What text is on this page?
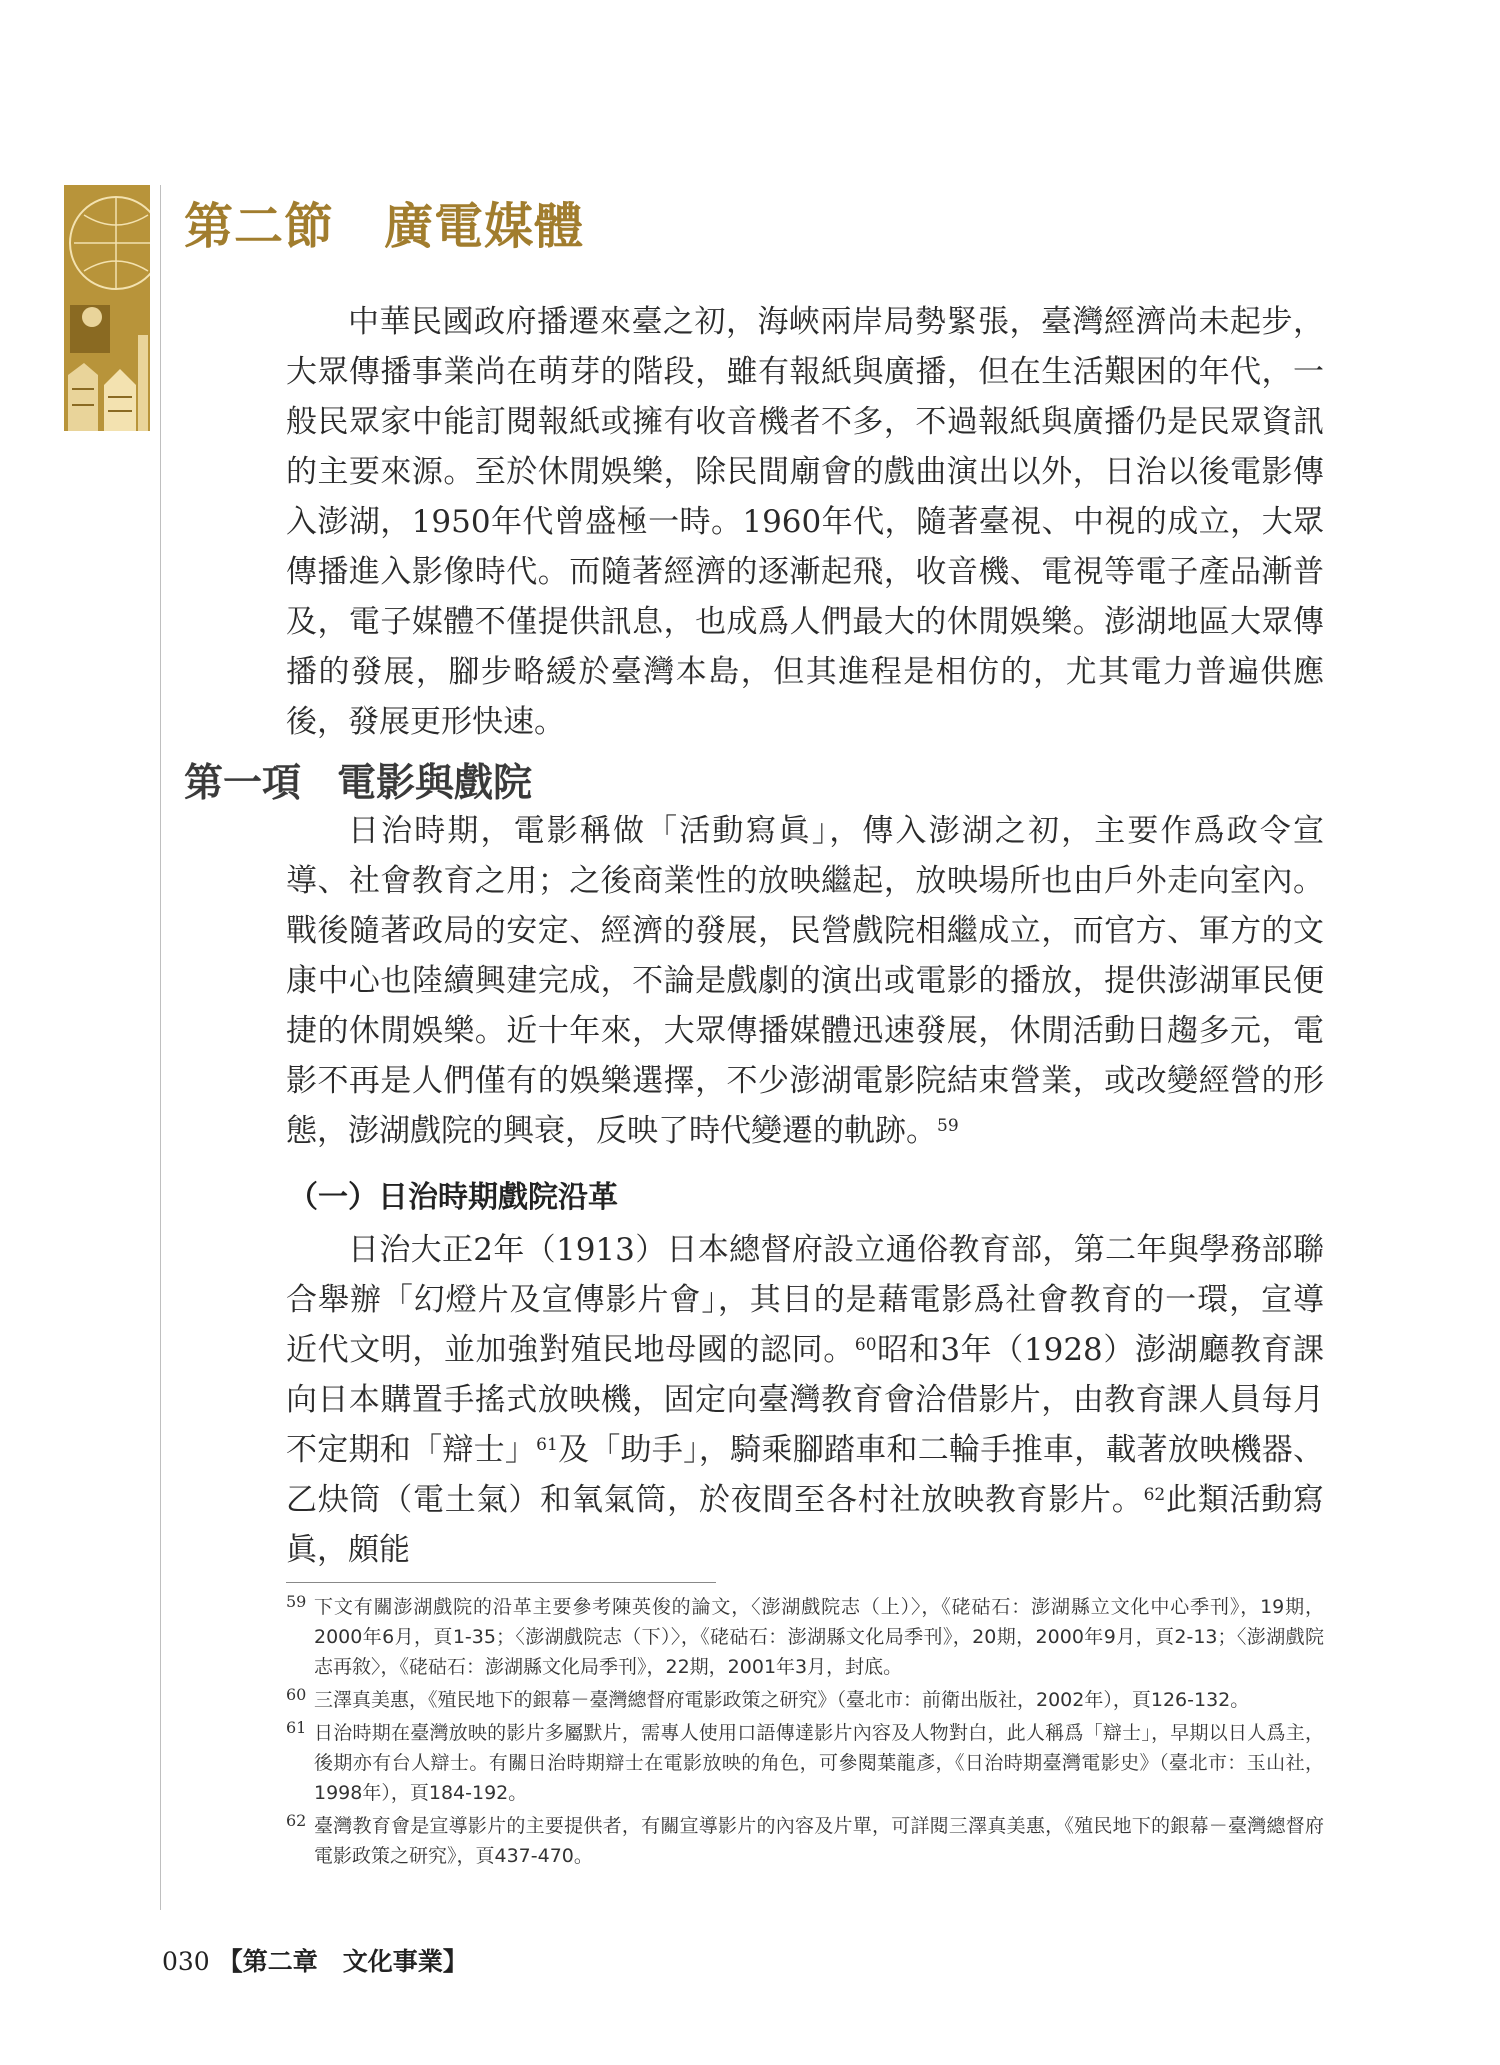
第二節 廣電媒體

中華民國政府播遷來臺之初，海峽兩岸局勢緊張，臺灣經濟尚未起步，大眾傳播事業尚在萌芽的階段，雖有報紙與廣播，但在生活艱困的年代，一般民眾家中能訂閱報紙或擁有收音機者不多，不過報紙與廣播仍是民眾資訊的主要來源。至於休閒娛樂，除民間廟會的戲曲演出以外，日治以後電影傳入澎湖，1950年代曾盛極一時。1960年代，隨著臺視、中視的成立，大眾傳播進入影像時代。而隨著經濟的逐漸起飛，收音機、電視等電子產品漸普及，電子媒體不僅提供訊息，也成爲人們最大的休閒娛樂。澎湖地區大眾傳播的發展，腳步略緩於臺灣本島，但其進程是相仿的，尤其電力普遍供應後，發展更形快速。

第一項 電影與戲院

日治時期，電影稱做「活動寫眞」，傳入澎湖之初，主要作爲政令宣導、社會教育之用；之後商業性的放映繼起，放映場所也由戶外走向室內。戰後隨著政局的安定、經濟的發展，民營戲院相繼成立，而官方、軍方的文康中心也陸續興建完成，不論是戲劇的演出或電影的播放，提供澎湖軍民便捷的休閒娛樂。近十年來，大眾傳播媒體迅速發展，休閒活動日趨多元，電影不再是人們僅有的娛樂選擇，不少澎湖電影院結束營業，或改變經營的形態，澎湖戲院的興衰，反映了時代變遷的軌跡。$^{59}$

（一）日治時期戲院沿革

日治大正2年（1913）日本總督府設立通俗教育部，第二年與學務部聯合舉辦「幻燈片及宣傳影片會」，其目的是藉電影爲社會教育的一環，宣導近代文明，並加強對殖民地母國的認同。$^{60}$昭和3年（1928）澎湖廳教育課向日本購置手搖式放映機，固定向臺灣教育會洽借影片，由教育課人員每月不定期和「辯士」$^{61}$及「助手」，騎乘腳踏車和二輪手推車，載著放映機器、乙炔筒（電土氣）和氧氣筒，於夜間至各村社放映教育影片。$^{62}$此類活動寫眞，頗能

59 下文有關澎湖戲院的沿革主要參考陳英俊的論文，〈澎湖戲院志（上）〉，《硓𥑮石：澎湖縣立文化中心季刊》，19期，2000年6月，頁1-35；〈澎湖戲院志（下）〉，《硓𥑮石：澎湖縣文化局季刊》，20期，2000年9月，頁2-13；〈澎湖戲院志再敘〉，《硓𥑮石：澎湖縣文化局季刊》，22期，2001年3月，封底。

60 三澤真美惠，《殖民地下的銀幕－臺灣總督府電影政策之研究》（臺北市：前衛出版社，2002年），頁126-132。

61 日治時期在臺灣放映的影片多屬默片，需專人使用口語傳達影片內容及人物對白，此人稱爲「辯士」，早期以日人爲主，後期亦有台人辯士。有關日治時期辯士在電影放映的角色，可參閱葉龍彥，《日治時期臺灣電影史》（臺北市：玉山社，1998年），頁184-192。

62 臺灣教育會是宣導影片的主要提供者，有關宣導影片的內容及片單，可詳閱三澤真美惠，《殖民地下的銀幕－臺灣總督府電影政策之研究》，頁437-470。

030 【第二章　文化事業】
